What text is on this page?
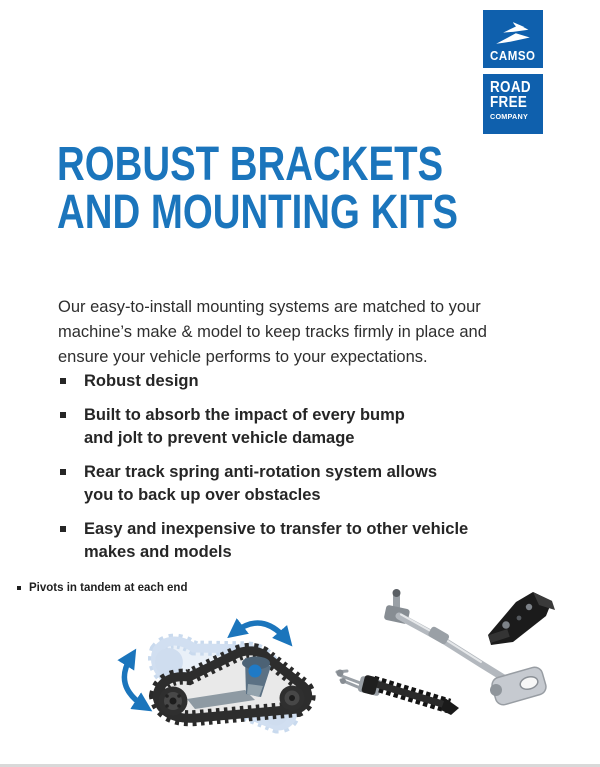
CAMSO
ROAD
FREE
COMPANY
ROBUST BRACKETS
AND MOUNTING KITS
Our easy-to-install mounting systems are matched to your
machine’s make & model to keep tracks firmly in place and
ensure your vehicle performs to your expectations.
Robust design
Built to absorb the impact of every bump
and jolt to prevent vehicle damage
Rear track spring anti-rotation system allows
you to back up over obstacles
Easy and inexpensive to transfer to other vehicle
makes and models
Pivots in tandem at each end
